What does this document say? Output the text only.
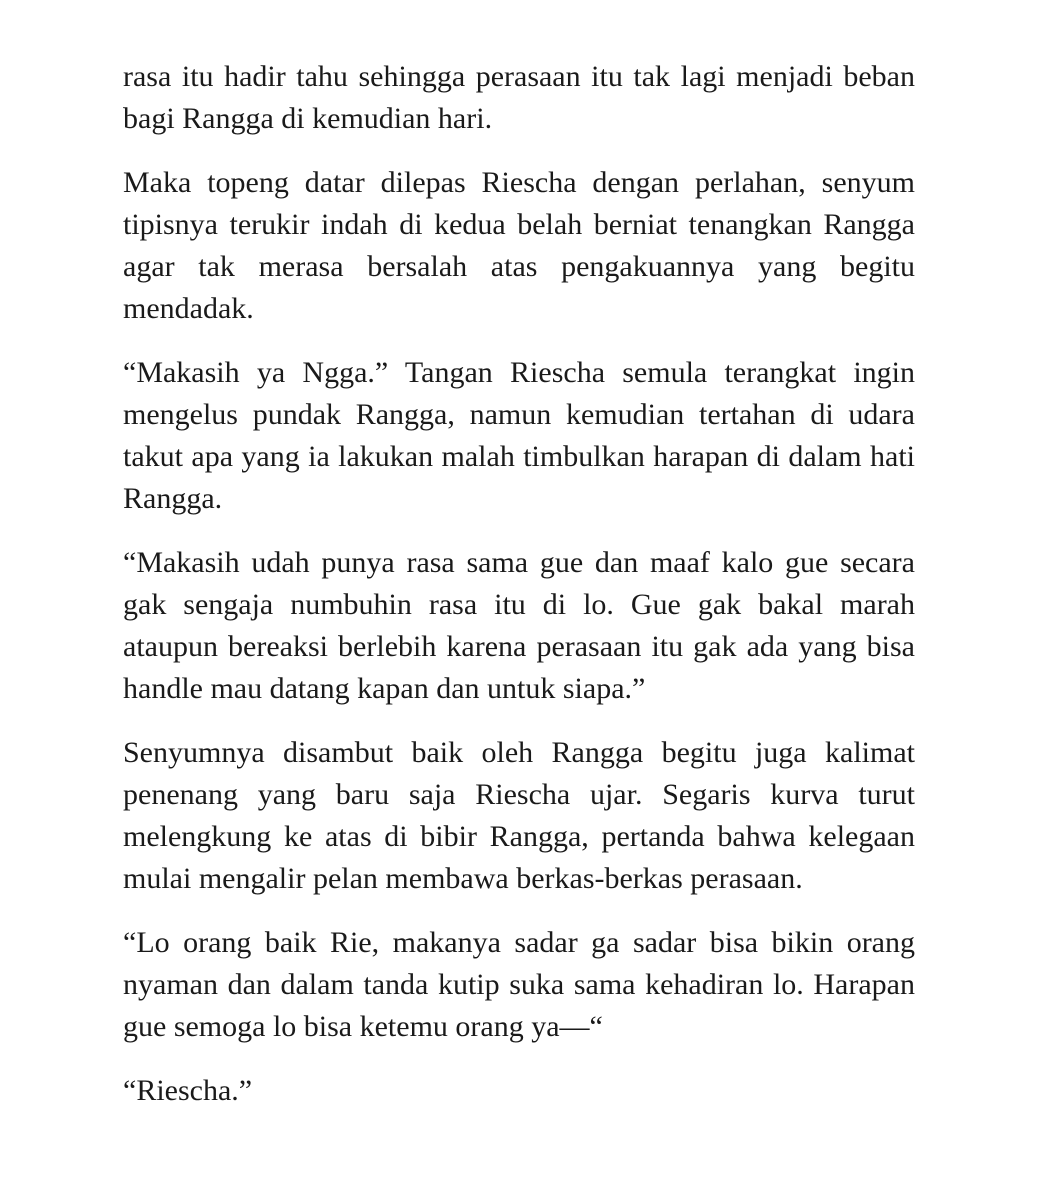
rasa itu hadir tahu sehingga perasaan itu tak lagi menjadi beban bagi Rangga di kemudian hari.

Maka topeng datar dilepas Riescha dengan perlahan, senyum tipisnya terukir indah di kedua belah berniat tenangkan Rangga agar tak merasa bersalah atas pengakuannya yang begitu mendadak.

“Makasih ya Ngga.” Tangan Riescha semula terangkat ingin mengelus pundak Rangga, namun kemudian tertahan di udara takut apa yang ia lakukan malah timbulkan harapan di dalam hati Rangga.

“Makasih udah punya rasa sama gue dan maaf kalo gue secara gak sengaja numbuhin rasa itu di lo. Gue gak bakal marah ataupun bereaksi berlebih karena perasaan itu gak ada yang bisa handle mau datang kapan dan untuk siapa.”

Senyumnya disambut baik oleh Rangga begitu juga kalimat penenang yang baru saja Riescha ujar. Segaris kurva turut melengkung ke atas di bibir Rangga, pertanda bahwa kelegaan mulai mengalir pelan membawa berkas-berkas perasaan.

“Lo orang baik Rie, makanya sadar ga sadar bisa bikin orang nyaman dan dalam tanda kutip suka sama kehadiran lo. Harapan gue semoga lo bisa ketemu orang ya—“

“Riescha.”
